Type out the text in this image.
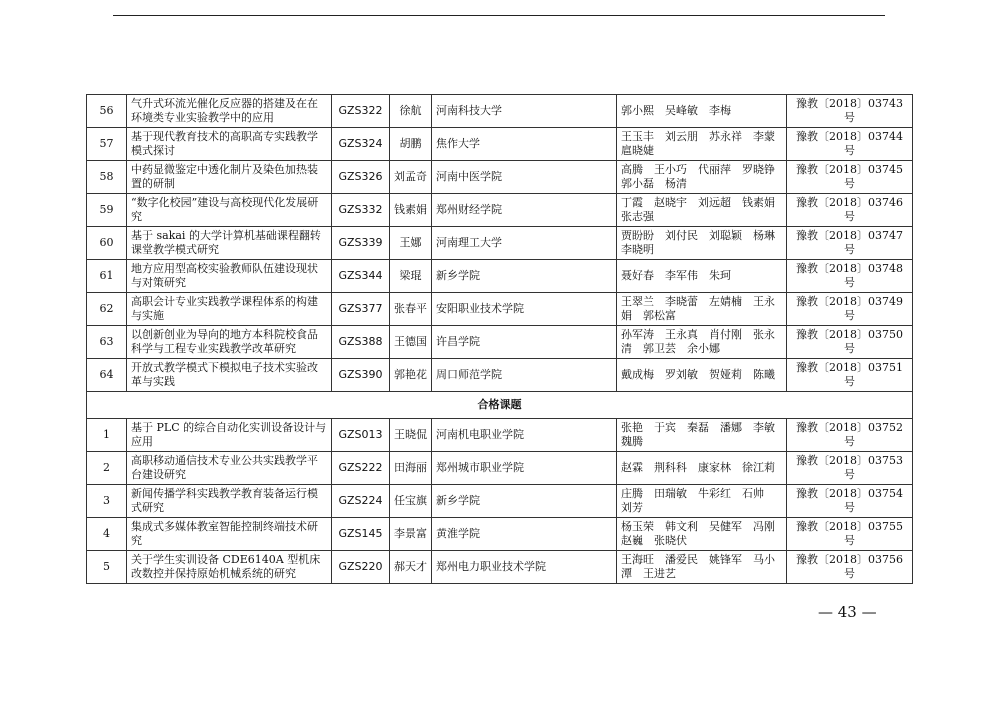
56	气升式环流光催化反应器的搭建及在在环境类专业实验教学中的应用	GZS322	徐航	河南科技大学	郭小熙　吴峰敏　李梅	豫教〔2018〕03743 号
57	基于现代教育技术的高职高专实践教学模式探讨	GZS324	胡鹏	焦作大学	王玉丰　刘云朋　苏永祥　李蒙　扈晓婕	豫教〔2018〕03744 号
58	中药显微鉴定中透化制片及染色加热装置的研制	GZS326	刘孟奇	河南中医学院	高腾　王小巧　代丽萍　罗晓铮　郭小磊　杨清	豫教〔2018〕03745 号
59	“数字化校园”建设与高校现代化发展研究	GZS332	钱素娟	郑州财经学院	丁霞　赵晓宇　刘远超　钱素娟　张志强	豫教〔2018〕03746 号
60	基于 sakai 的大学计算机基础课程翻转课堂教学模式研究	GZS339	王娜	河南理工大学	贾盼盼　刘付民　刘聪颖　杨琳　李晓明	豫教〔2018〕03747 号
61	地方应用型高校实验教师队伍建设现状与对策研究	GZS344	梁琨	新乡学院	聂好春　李军伟　朱珂	豫教〔2018〕03748 号
62	高职会计专业实践教学课程体系的构建与实施	GZS377	张春平	安阳职业技术学院	王翠兰　李晓蕾　左婧楠　王永娟　郭松富	豫教〔2018〕03749 号
63	以创新创业为导向的地方本科院校食品科学与工程专业实践教学改革研究	GZS388	王德国	许昌学院	孙军涛　王永真　肖付刚　张永清　郭卫芸　余小娜	豫教〔2018〕03750 号
64	开放式教学模式下模拟电子技术实验改革与实践	GZS390	郭艳花	周口师范学院	戴成梅　罗刘敏　贺娅莉　陈曦	豫教〔2018〕03751 号
合格课题						
1	基于 PLC 的综合自动化实训设备设计与应用	GZS013	王晓侃	河南机电职业学院	张艳　于宾　秦磊　潘娜　李敏　魏腾	豫教〔2018〕03752 号
2	高职移动通信技术专业公共实践教学平台建设研究	GZS222	田海丽	郑州城市职业学院	赵霖　荆科科　康家林　徐江莉	豫教〔2018〕03753 号
3	新闻传播学科实践教学教育装备运行模式研究	GZS224	任宝旗	新乡学院	庄腾　田瑞敏　牛彩红　石帅　刘芳	豫教〔2018〕03754 号
4	集成式多媒体教室智能控制终端技术研究	GZS145	李景富	黄淮学院	杨玉荣　韩文利　吴健军　冯刚　赵巍　张晓伏	豫教〔2018〕03755 号
5	关于学生实训设备 CDE6140A 型机床改数控并保持原始机械系统的研究	GZS220	郝天才	郑州电力职业技术学院	王海旺　潘爱民　姚锋军　马小潭　王进艺	豫教〔2018〕03756 号
— 43 —
